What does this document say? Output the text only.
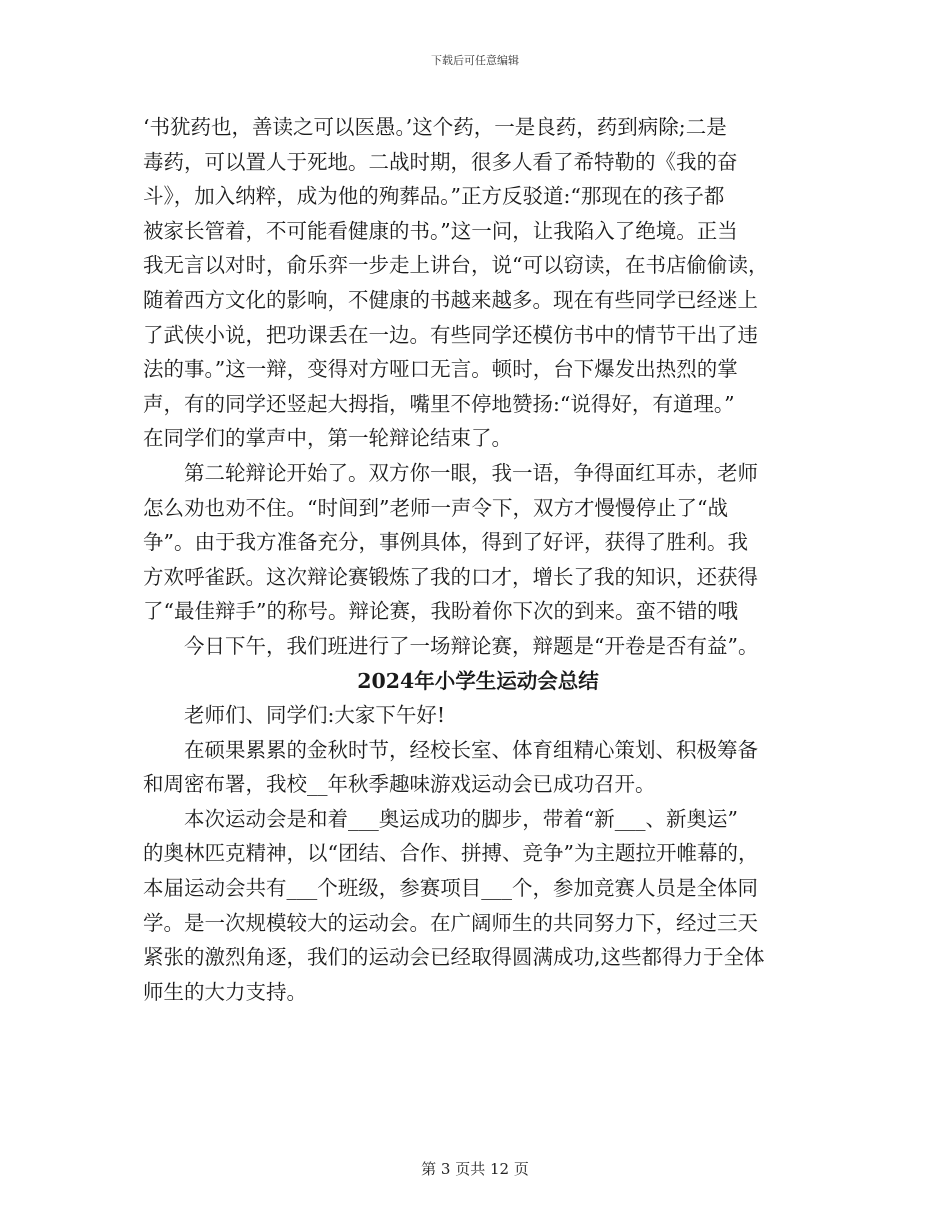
下载后可任意编辑
‘书犹药也，善读之可以医愚。’这个药，一是良药，药到病除;二是
毒药，可以置人于死地。二战时期，很多人看了希特勒的《我的奋
斗》，加入纳粹，成为他的殉葬品。”正方反驳道:“那现在的孩子都
被家长管着，不可能看健康的书。”这一问，让我陷入了绝境。正当
我无言以对时，俞乐弈一步走上讲台，说“可以窃读，在书店偷偷读，
随着西方文化的影响，不健康的书越来越多。现在有些同学已经迷上
了武侠小说，把功课丢在一边。有些同学还模仿书中的情节干出了违
法的事。”这一辩，变得对方哑口无言。顿时，台下爆发出热烈的掌
声，有的同学还竖起大拇指，嘴里不停地赞扬:“说得好，有道理。”
在同学们的掌声中，第一轮辩论结束了。
第二轮辩论开始了。双方你一眼，我一语，争得面红耳赤，老师
怎么劝也劝不住。“时间到”老师一声令下，双方才慢慢停止了“战
争”。由于我方准备充分，事例具体，得到了好评，获得了胜利。我
方欢呼雀跃。这次辩论赛锻炼了我的口才，增长了我的知识，还获得
了“最佳辩手”的称号。辩论赛，我盼着你下次的到来。蛮不错的哦
今日下午，我们班进行了一场辩论赛，辩题是“开卷是否有益”。
2024年小学生运动会总结
老师们、同学们:大家下午好!
在硕果累累的金秋时节，经校长室、体育组精心策划、积极筹备
和周密布署，我校__年秋季趣味游戏运动会已成功召开。
本次运动会是和着___奥运成功的脚步，带着“新___、新奥运”
的奥林匹克精神，以“团结、合作、拼搏、竞争”为主题拉开帷幕的，
本届运动会共有___个班级，参赛项目___个，参加竞赛人员是全体同
学。是一次规模较大的运动会。在广阔师生的共同努力下，经过三天
紧张的激烈角逐，我们的运动会已经取得圆满成功,这些都得力于全体
师生的大力支持。
第 3 页共 12 页
